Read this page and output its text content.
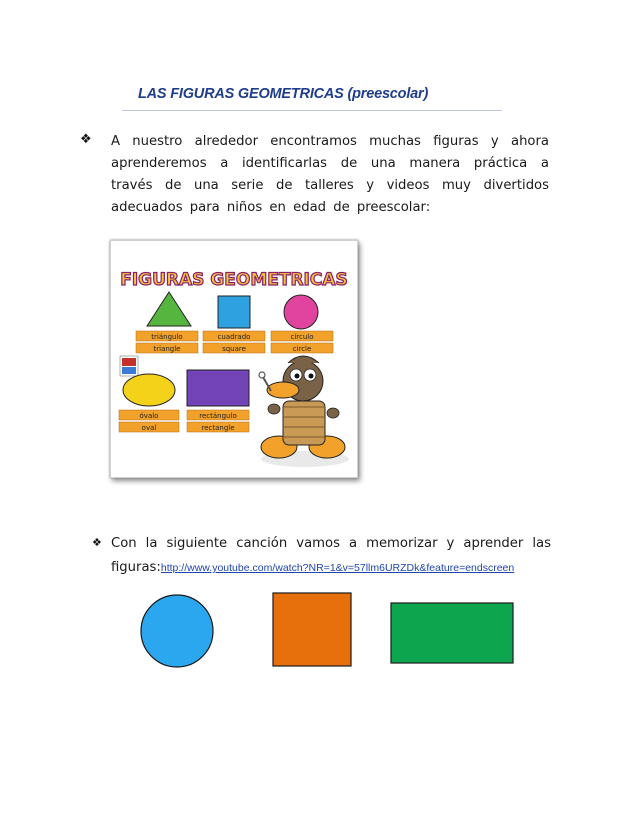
LAS FIGURAS GEOMETRICAS (preescolar)
❖ A nuestro alrededor encontramos muchas figuras y ahora aprenderemos a identificarlas de una manera práctica a través de una serie de talleres y videos muy divertidos adecuados para niños en edad de preescolar:
FIGURAS GEOMETRICAS
triángulo
triangle
cuadrado
square
círculo
circle
óvalo
oval
rectángulo
rectangle
❖ Con la siguiente canción vamos a memorizar y aprender las
figuras:http://www.youtube.com/watch?NR=1&v=57llm6URZDk&feature=endscreen
